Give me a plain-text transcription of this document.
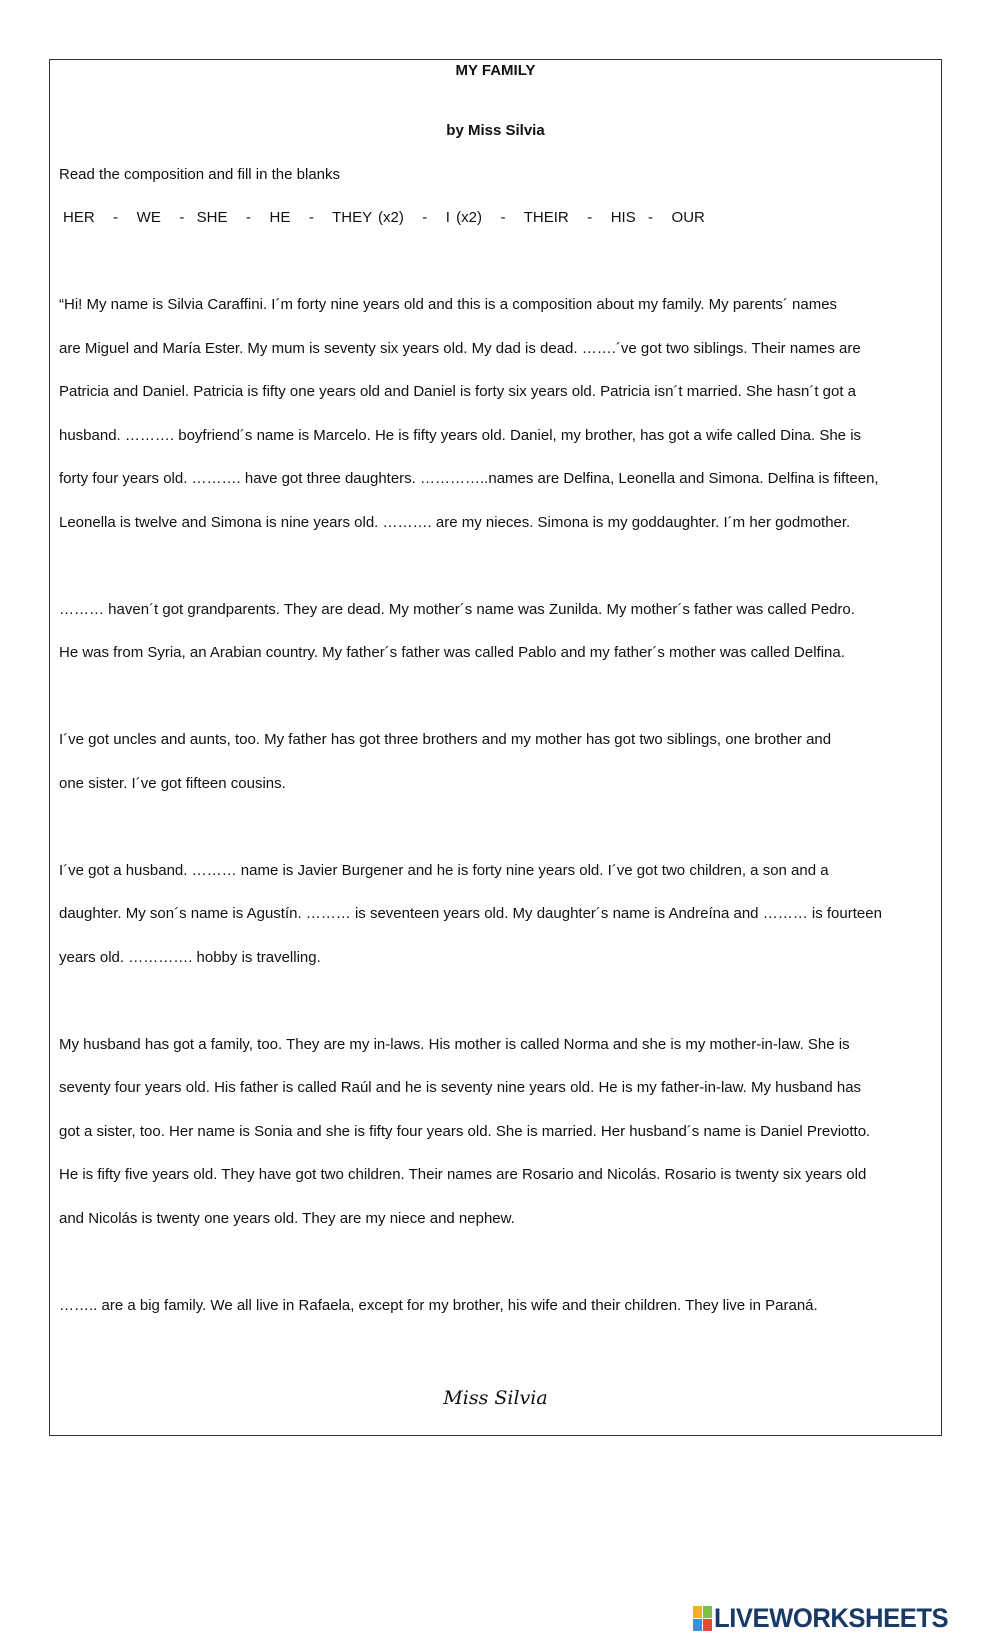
MY FAMILY
by Miss Silvia
Read the composition and fill in the blanks
HER   -   WE   -  SHE   -   HE   -   THEY (x2)   -   I (x2)   -   THEIR   -   HIS  -   OUR
“Hi! My name is Silvia Caraffini. I´m forty nine years old and this is a composition about my family. My parents´ names
are Miguel and María Ester. My mum is seventy six years old. My dad is dead. …….´ve got two siblings. Their names are
Patricia and Daniel. Patricia is fifty one years old and Daniel is forty six years old. Patricia isn´t married. She hasn´t got a
husband. ………. boyfriend´s name is Marcelo. He is fifty years old. Daniel, my brother, has got a wife called Dina. She is
forty four years old. ………. have got three daughters. …………..names are Delfina, Leonella and Simona. Delfina is fifteen,
Leonella is twelve and Simona is nine years old. ………. are my nieces. Simona is my goddaughter. I´m her godmother.
……… haven´t got grandparents. They are dead. My mother´s name was Zunilda. My mother´s father was called Pedro.
He was from Syria, an Arabian country. My father´s father was called Pablo and my father´s mother was called Delfina.
I´ve got uncles and aunts, too. My father has got three brothers and my mother has got two siblings, one brother and
one sister. I´ve got fifteen cousins.
I´ve got a husband. ……… name is Javier Burgener and he is forty nine years old. I´ve got two children, a son and a
daughter. My son´s name is Agustín. ……… is seventeen years old. My daughter´s name is Andreína and ……… is fourteen
years old. …………. hobby is travelling.
My husband has got a family, too. They are my in-laws. His mother is called Norma and she is my mother-in-law. She is
seventy four years old. His father is called Raúl and he is seventy nine years old. He is my father-in-law. My husband has
got a sister, too. Her name is Sonia and she is fifty four years old. She is married. Her husband´s name is Daniel Previotto.
He is fifty five years old. They have got two children. Their names are Rosario and Nicolás. Rosario is twenty six years old
and Nicolás is twenty one years old. They are my niece and nephew.
…….. are a big family. We all live in Rafaela, except for my brother, his wife and their children. They live in Paraná.
Miss Silvia
LIVEWORKSHEETS
